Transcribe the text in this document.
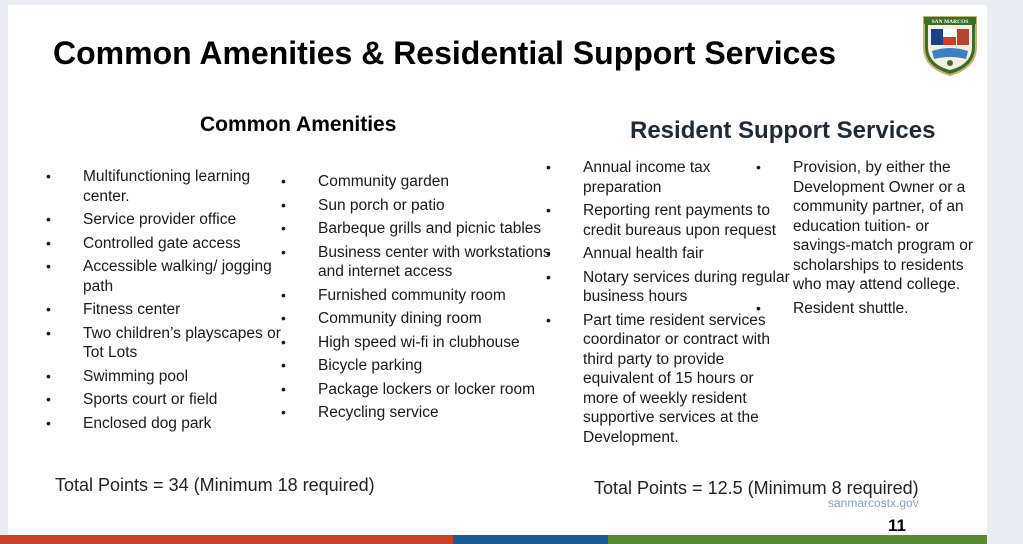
Common Amenities & Residential Support Services
SAN MARCOS
Common Amenities	Resident Support Services
• Multifunctioning learning center.
• Service provider office
• Controlled gate access
• Accessible walking/ jogging path
• Fitness center
• Two children’s playscapes or Tot Lots
• Swimming pool
• Sports court or field
• Enclosed dog park
• Community garden
• Sun porch or patio
• Barbeque grills and picnic tables
• Business center with workstations and internet access
• Furnished community room
• Community dining room
• High speed wi-fi in clubhouse
• Bicycle parking
• Package lockers or locker room
• Recycling service
• Annual income tax preparation
• Reporting rent payments to credit bureaus upon request
• Annual health fair
• Notary services during regular business hours
• Part time resident services coordinator or contract with third party to provide equivalent of 15 hours or more of weekly resident supportive services at the Development.
• Provision, by either the Development Owner or a community partner, of an education tuition- or savings-match program or scholarships to residents who may attend college.
• Resident shuttle.
Total Points = 34 (Minimum 18 required)	Total Points = 12.5 (Minimum 8 required)
sanmarcostx.gov
11
